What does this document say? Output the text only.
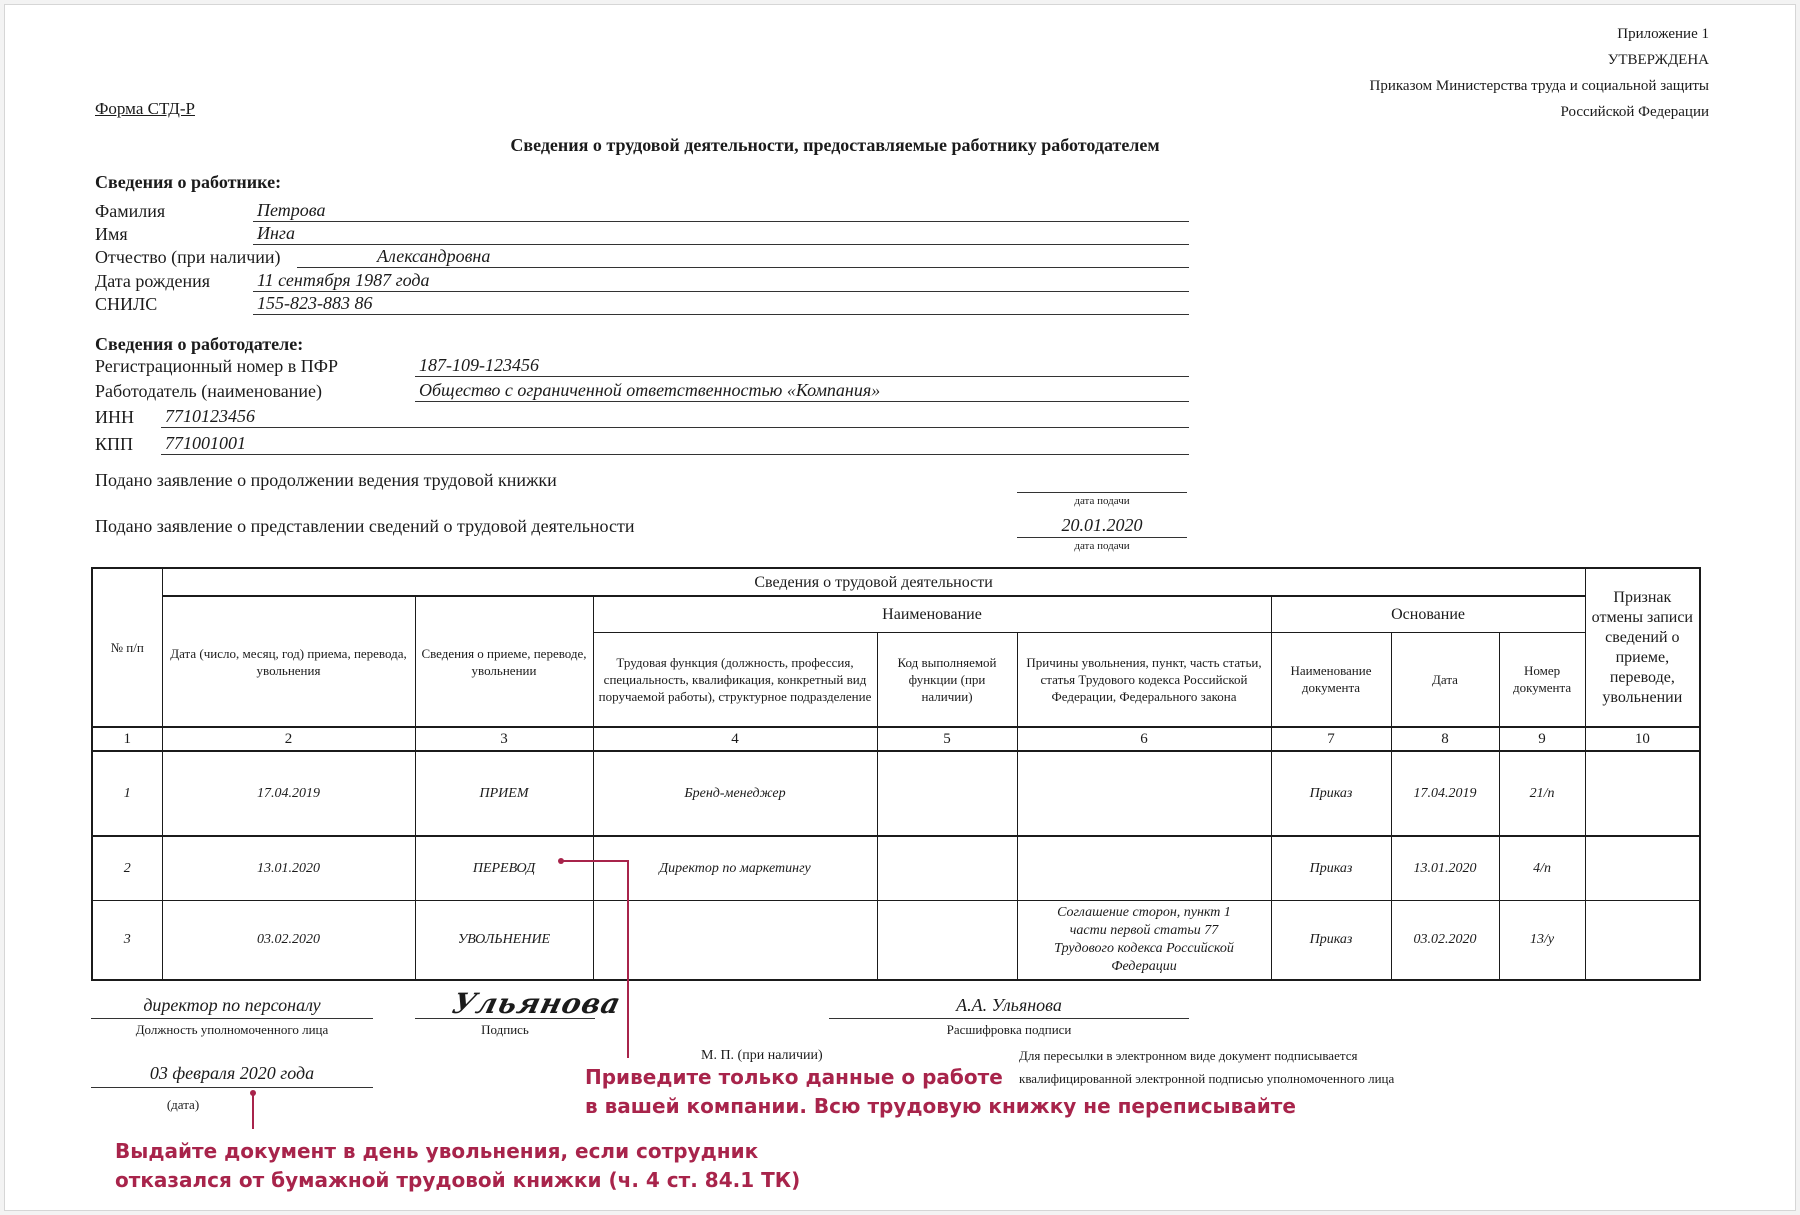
Приложение 1
УТВЕРЖДЕНА
Приказом Министерства труда и социальной защиты
Российской Федерации
Форма СТД-Р
Сведения о трудовой деятельности, предоставляемые работнику работодателем
Сведения о работнике:
Фамилия	Петрова
Имя	Инга
Отчество (при наличии)	Александровна
Дата рождения	11 сентября 1987 года
СНИЛС	155-823-883 86
Сведения о работодателе:
Регистрационный номер в ПФР	187-109-123456
Работодатель (наименование)	Общество с ограниченной ответственностью «Компания»
ИНН 7710123456
КПП 771001001
Подано заявление о продолжении ведения трудовой книжки
дата подачи
Подано заявление о представлении сведений о трудовой деятельности	20.01.2020
дата подачи
№ п/п	Сведения о трудовой деятельности								Признак отмены записи сведений о приеме, переводе, увольнении
	Дата (число, месяц, год) приема, перевода, увольнения	Сведения о приеме, переводе, увольнении	Наименование			Основание			
			Трудовая функция (должность, профессия, специальность, квалификация, конкретный вид поручаемой работы), структурное подразделение	Код выполняемой функции (при наличии)	Причины увольнения, пункт, часть статьи, статья Трудового кодекса Российской Федерации, Федерального закона	Наименование документа	Дата	Номер документа	
1	2	3	4	5	6	7	8	9	10
1	17.04.2019	ПРИЕМ	Бренд-менеджер			Приказ	17.04.2019	21/п	
2	13.01.2020	ПЕРЕВОД	Директор по маркетингу			Приказ	13.01.2020	4/п	
3	03.02.2020	УВОЛЬНЕНИЕ			Соглашение сторон, пункт 1 части первой статьи 77 Трудового кодекса Российской Федерации	Приказ	03.02.2020	13/у	
директор по персоналу
Должность уполномоченного лица
Ульянова
Подпись
А.А. Ульянова
Расшифровка подписи
М. П. (при наличии)	Для пересылки в электронном виде документ подписывается
квалифицированной электронной подписью уполномоченного лица
03 февраля 2020 года
(дата)
Приведите только данные о работе
в вашей компании. Всю трудовую книжку не переписывайте
Выдайте документ в день увольнения, если сотрудник
отказался от бумажной трудовой книжки (ч. 4 ст. 84.1 ТК)
